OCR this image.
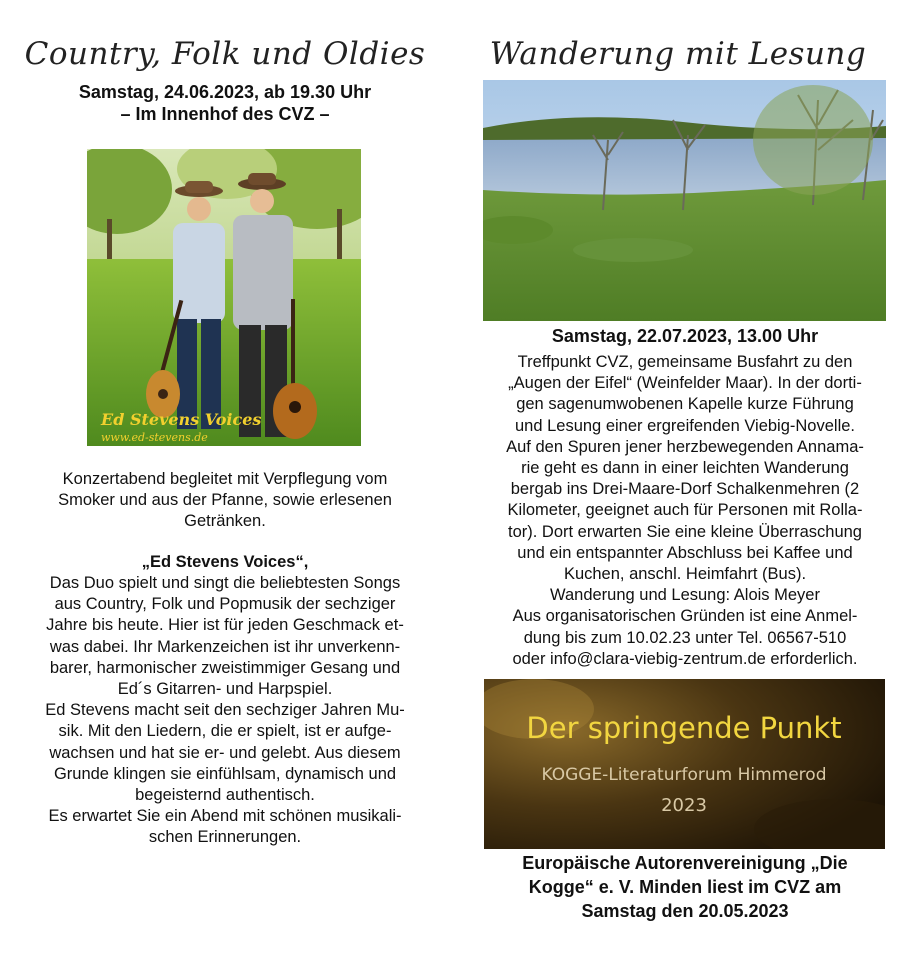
Country, Folk und Oldies
Samstag, 24.06.2023, ab 19.30 Uhr
– Im Innenhof des CVZ –
Ed Stevens Voices
www.ed-stevens.de
Konzertabend begleitet mit Verpflegung vom
Smoker und aus der Pfanne, sowie erlesenen
Getränken.
„Ed Stevens Voices“,
Das Duo spielt und singt die beliebtesten Songs
aus Country, Folk und Popmusik der sechziger
Jahre bis heute. Hier ist für jeden Geschmack et-
was dabei. Ihr Markenzeichen ist ihr unverkenn-
barer, harmonischer zweistimmiger Gesang und
Ed´s Gitarren- und Harpspiel.
Ed Stevens macht seit den sechziger Jahren Mu-
sik. Mit den Liedern, die er spielt, ist er aufge-
wachsen und hat sie er- und gelebt. Aus diesem
Grunde klingen sie einfühlsam, dynamisch und
begeisternd authentisch.
Es erwartet Sie ein Abend mit schönen musikali-
schen Erinnerungen.
Wanderung mit Lesung
Samstag, 22.07.2023, 13.00 Uhr
Treffpunkt CVZ, gemeinsame Busfahrt zu den
„Augen der Eifel“ (Weinfelder Maar). In der dorti-
gen sagenumwobenen Kapelle kurze Führung
und Lesung einer ergreifenden Viebig-Novelle.
Auf den Spuren jener herzbewegenden Annama-
rie geht es dann in einer leichten Wanderung
bergab ins Drei-Maare-Dorf Schalkenmehren (2
Kilometer, geeignet auch für Personen mit Rolla-
tor). Dort erwarten Sie eine kleine Überraschung
und ein entspannter Abschluss bei Kaffee und
Kuchen, anschl. Heimfahrt (Bus).
Wanderung und Lesung: Alois Meyer
Aus organisatorischen Gründen ist eine Anmel-
dung bis zum 10.02.23 unter Tel. 06567-510
oder info@clara-viebig-zentrum.de erforderlich.
Der springende Punkt
KOGGE-Literaturforum Himmerod
2023
Europäische Autorenvereinigung „Die
Kogge“ e. V. Minden liest im CVZ am
Samstag den 20.05.2023
